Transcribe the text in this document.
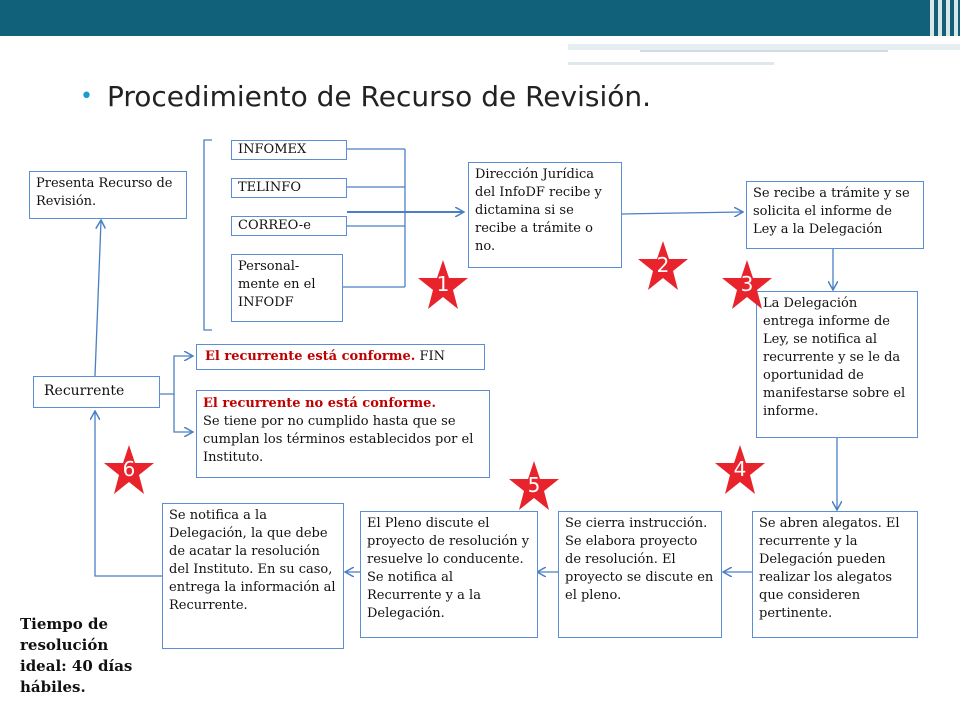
• Procedimiento de Recurso de Revisión.
Presenta Recurso de Revisión.
INFOMEX
TELINFO
CORREO-e
Personal-mente en el INFODF
Dirección Jurídica del InfoDF recibe y dictamina si se recibe a trámite o no.
Se recibe a trámite y se solicita el informe de Ley a la Delegación
La Delegación entrega informe de Ley, se notifica al recurrente y se le da oportunidad de manifestarse sobre el informe.
Recurrente
El recurrente está conforme. FIN
El recurrente no está conforme.
Se tiene por no cumplido hasta que se cumplan los términos establecidos por el Instituto.
Se abren alegatos. El recurrente y la Delegación pueden realizar los alegatos que consideren pertinente.
Se cierra instrucción. Se elabora proyecto de resolución. El proyecto se discute en el pleno.
El Pleno discute el proyecto de resolución y resuelve lo conducente. Se notifica al Recurrente y a la Delegación.
Se notifica a la Delegación, la que debe de acatar la resolución del Instituto. En su caso, entrega la información al Recurrente.
1
2
3
4
5
6
Tiempo de resolución ideal: 40 días hábiles.
